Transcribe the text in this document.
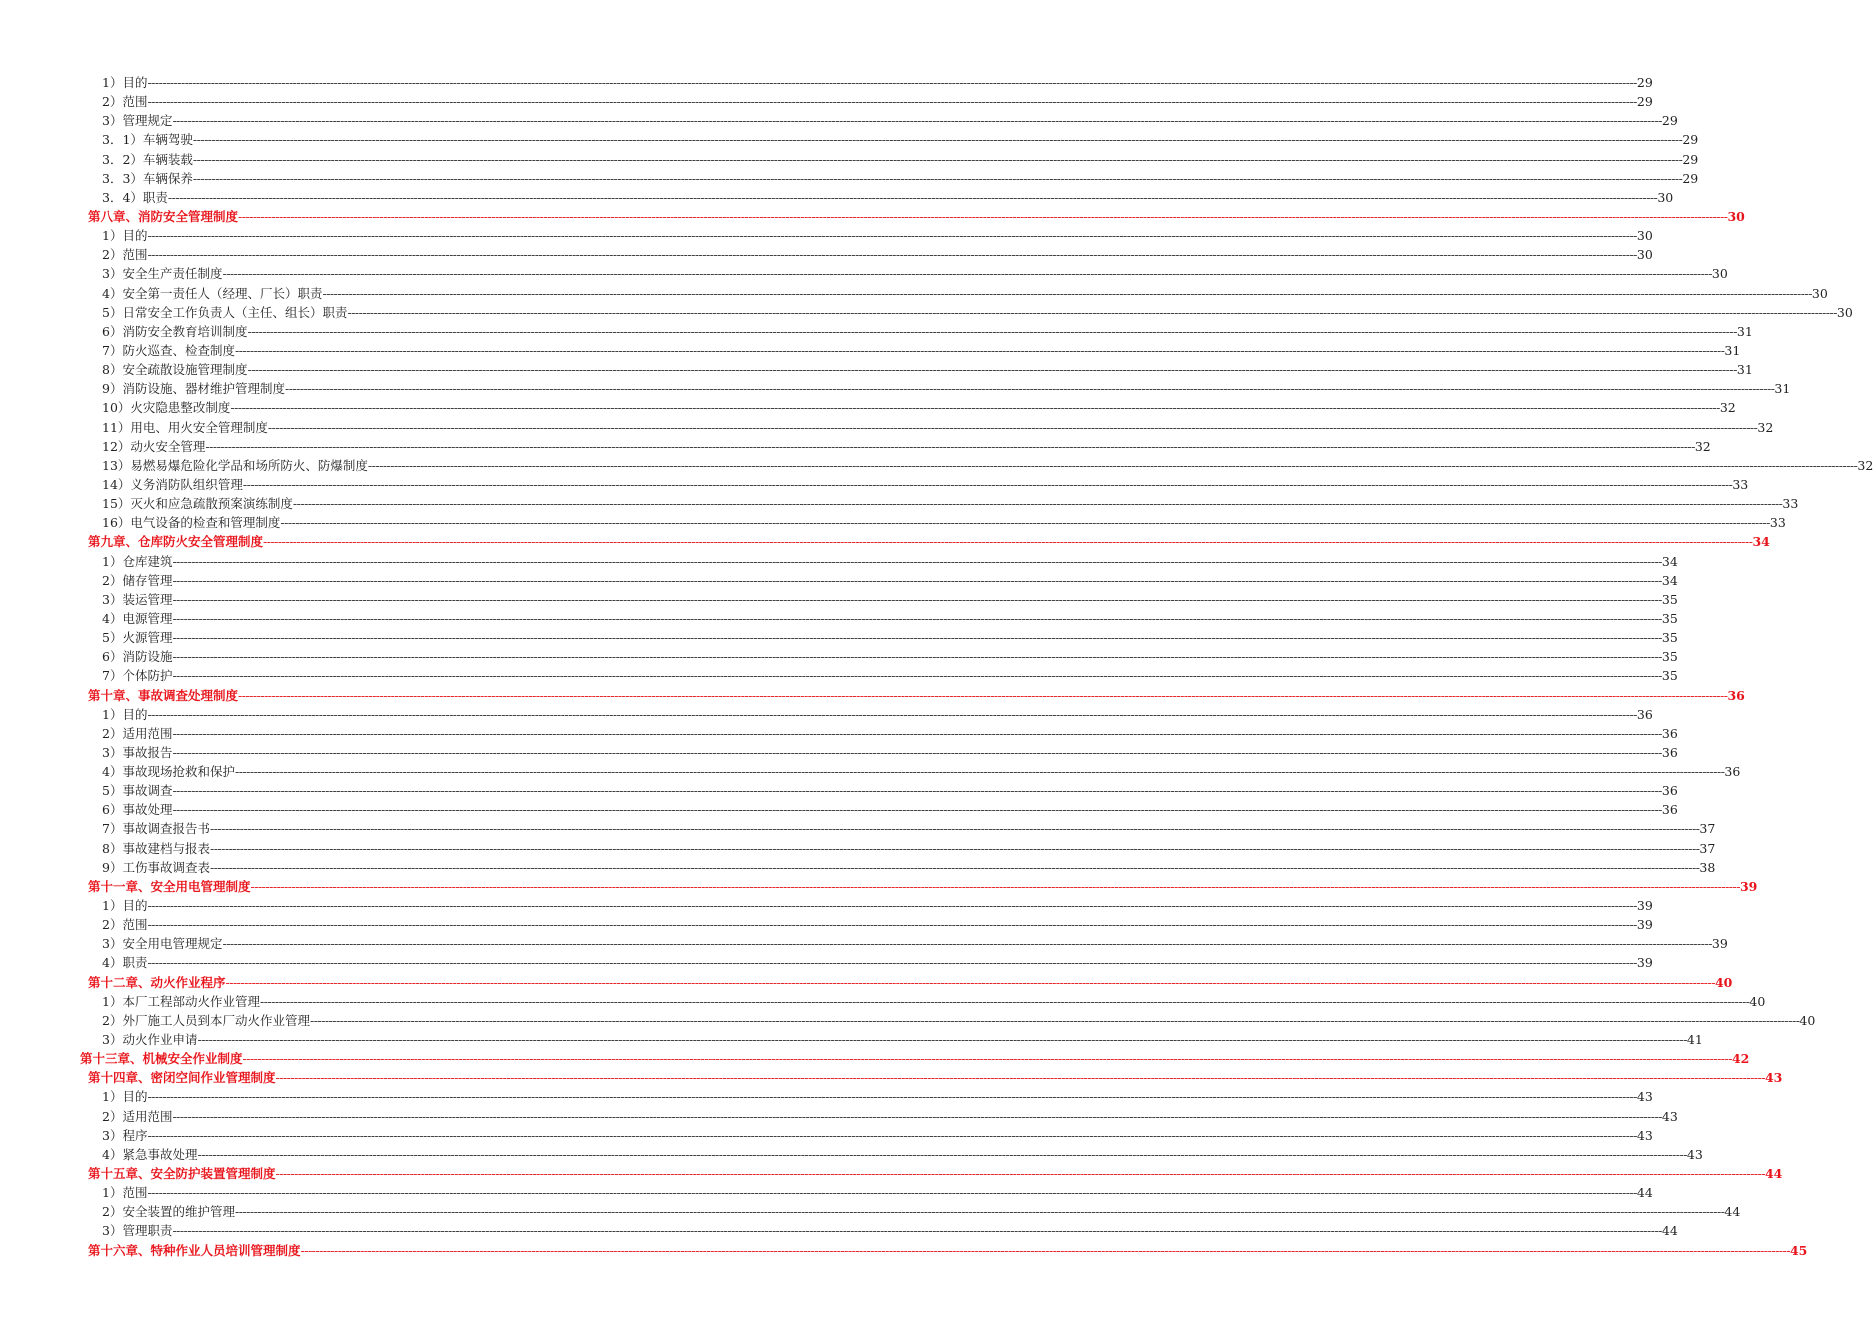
1）目的 ---------------------------------------------------------------------------------------------------------------------------------------------------------------------------------------------------------------------------------------------------------------------------------------------------------------------------------------------------------------------------------------------------------------- 29
2）范围 ---------------------------------------------------------------------------------------------------------------------------------------------------------------------------------------------------------------------------------------------------------------------------------------------------------------------------------------------------------------------------------------------------------------- 29
3）管理规定 ---------------------------------------------------------------------------------------------------------------------------------------------------------------------------------------------------------------------------------------------------------------------------------------------------------------------------------------------------------------------------------------------------------------- 29
3．1）车辆驾驶 ---------------------------------------------------------------------------------------------------------------------------------------------------------------------------------------------------------------------------------------------------------------------------------------------------------------------------------------------------------------------------------------------------------------- 29
3．2）车辆装载 ---------------------------------------------------------------------------------------------------------------------------------------------------------------------------------------------------------------------------------------------------------------------------------------------------------------------------------------------------------------------------------------------------------------- 29
3．3）车辆保养 ---------------------------------------------------------------------------------------------------------------------------------------------------------------------------------------------------------------------------------------------------------------------------------------------------------------------------------------------------------------------------------------------------------------- 29
3．4）职责 ---------------------------------------------------------------------------------------------------------------------------------------------------------------------------------------------------------------------------------------------------------------------------------------------------------------------------------------------------------------------------------------------------------------- 30
第八章、消防安全管理制度 ---------------------------------------------------------------------------------------------------------------------------------------------------------------------------------------------------------------------------------------------------------------------------------------------------------------------------------------------------------------------------------------------------------------- 30
1）目的 ---------------------------------------------------------------------------------------------------------------------------------------------------------------------------------------------------------------------------------------------------------------------------------------------------------------------------------------------------------------------------------------------------------------- 30
2）范围 ---------------------------------------------------------------------------------------------------------------------------------------------------------------------------------------------------------------------------------------------------------------------------------------------------------------------------------------------------------------------------------------------------------------- 30
3）安全生产责任制度 ---------------------------------------------------------------------------------------------------------------------------------------------------------------------------------------------------------------------------------------------------------------------------------------------------------------------------------------------------------------------------------------------------------------- 30
4）安全第一责任人（经理、厂长）职责 ---------------------------------------------------------------------------------------------------------------------------------------------------------------------------------------------------------------------------------------------------------------------------------------------------------------------------------------------------------------------------------------------------------------- 30
5）日常安全工作负责人（主任、组长）职责 ---------------------------------------------------------------------------------------------------------------------------------------------------------------------------------------------------------------------------------------------------------------------------------------------------------------------------------------------------------------------------------------------------------------- 30
6）消防安全教育培训制度 ---------------------------------------------------------------------------------------------------------------------------------------------------------------------------------------------------------------------------------------------------------------------------------------------------------------------------------------------------------------------------------------------------------------- 31
7）防火巡查、检查制度 ---------------------------------------------------------------------------------------------------------------------------------------------------------------------------------------------------------------------------------------------------------------------------------------------------------------------------------------------------------------------------------------------------------------- 31
8）安全疏散设施管理制度 ---------------------------------------------------------------------------------------------------------------------------------------------------------------------------------------------------------------------------------------------------------------------------------------------------------------------------------------------------------------------------------------------------------------- 31
9）消防设施、器材维护管理制度 ---------------------------------------------------------------------------------------------------------------------------------------------------------------------------------------------------------------------------------------------------------------------------------------------------------------------------------------------------------------------------------------------------------------- 31
10）火灾隐患整改制度 ---------------------------------------------------------------------------------------------------------------------------------------------------------------------------------------------------------------------------------------------------------------------------------------------------------------------------------------------------------------------------------------------------------------- 32
11）用电、用火安全管理制度 ---------------------------------------------------------------------------------------------------------------------------------------------------------------------------------------------------------------------------------------------------------------------------------------------------------------------------------------------------------------------------------------------------------------- 32
12）动火安全管理 ---------------------------------------------------------------------------------------------------------------------------------------------------------------------------------------------------------------------------------------------------------------------------------------------------------------------------------------------------------------------------------------------------------------- 32
13）易燃易爆危险化学品和场所防火、防爆制度 ---------------------------------------------------------------------------------------------------------------------------------------------------------------------------------------------------------------------------------------------------------------------------------------------------------------------------------------------------------------------------------------------------------------- 32
14）义务消防队组织管理 ---------------------------------------------------------------------------------------------------------------------------------------------------------------------------------------------------------------------------------------------------------------------------------------------------------------------------------------------------------------------------------------------------------------- 33
15）灭火和应急疏散预案演练制度 ---------------------------------------------------------------------------------------------------------------------------------------------------------------------------------------------------------------------------------------------------------------------------------------------------------------------------------------------------------------------------------------------------------------- 33
16）电气设备的检查和管理制度 ---------------------------------------------------------------------------------------------------------------------------------------------------------------------------------------------------------------------------------------------------------------------------------------------------------------------------------------------------------------------------------------------------------------- 33
第九章、仓库防火安全管理制度 ---------------------------------------------------------------------------------------------------------------------------------------------------------------------------------------------------------------------------------------------------------------------------------------------------------------------------------------------------------------------------------------------------------------- 34
1）仓库建筑 ---------------------------------------------------------------------------------------------------------------------------------------------------------------------------------------------------------------------------------------------------------------------------------------------------------------------------------------------------------------------------------------------------------------- 34
2）储存管理 ---------------------------------------------------------------------------------------------------------------------------------------------------------------------------------------------------------------------------------------------------------------------------------------------------------------------------------------------------------------------------------------------------------------- 34
3）装运管理 ---------------------------------------------------------------------------------------------------------------------------------------------------------------------------------------------------------------------------------------------------------------------------------------------------------------------------------------------------------------------------------------------------------------- 35
4）电源管理 ---------------------------------------------------------------------------------------------------------------------------------------------------------------------------------------------------------------------------------------------------------------------------------------------------------------------------------------------------------------------------------------------------------------- 35
5）火源管理 ---------------------------------------------------------------------------------------------------------------------------------------------------------------------------------------------------------------------------------------------------------------------------------------------------------------------------------------------------------------------------------------------------------------- 35
6）消防设施 ---------------------------------------------------------------------------------------------------------------------------------------------------------------------------------------------------------------------------------------------------------------------------------------------------------------------------------------------------------------------------------------------------------------- 35
7）个体防护 ---------------------------------------------------------------------------------------------------------------------------------------------------------------------------------------------------------------------------------------------------------------------------------------------------------------------------------------------------------------------------------------------------------------- 35
第十章、事故调查处理制度 ---------------------------------------------------------------------------------------------------------------------------------------------------------------------------------------------------------------------------------------------------------------------------------------------------------------------------------------------------------------------------------------------------------------- 36
1）目的 ---------------------------------------------------------------------------------------------------------------------------------------------------------------------------------------------------------------------------------------------------------------------------------------------------------------------------------------------------------------------------------------------------------------- 36
2）适用范围 ---------------------------------------------------------------------------------------------------------------------------------------------------------------------------------------------------------------------------------------------------------------------------------------------------------------------------------------------------------------------------------------------------------------- 36
3）事故报告 ---------------------------------------------------------------------------------------------------------------------------------------------------------------------------------------------------------------------------------------------------------------------------------------------------------------------------------------------------------------------------------------------------------------- 36
4）事故现场抢救和保护 ---------------------------------------------------------------------------------------------------------------------------------------------------------------------------------------------------------------------------------------------------------------------------------------------------------------------------------------------------------------------------------------------------------------- 36
5）事故调查 ---------------------------------------------------------------------------------------------------------------------------------------------------------------------------------------------------------------------------------------------------------------------------------------------------------------------------------------------------------------------------------------------------------------- 36
6）事故处理 ---------------------------------------------------------------------------------------------------------------------------------------------------------------------------------------------------------------------------------------------------------------------------------------------------------------------------------------------------------------------------------------------------------------- 36
7）事故调查报告书 ---------------------------------------------------------------------------------------------------------------------------------------------------------------------------------------------------------------------------------------------------------------------------------------------------------------------------------------------------------------------------------------------------------------- 37
8）事故建档与报表 ---------------------------------------------------------------------------------------------------------------------------------------------------------------------------------------------------------------------------------------------------------------------------------------------------------------------------------------------------------------------------------------------------------------- 37
9）工伤事故调查表 ---------------------------------------------------------------------------------------------------------------------------------------------------------------------------------------------------------------------------------------------------------------------------------------------------------------------------------------------------------------------------------------------------------------- 38
第十一章、安全用电管理制度 ---------------------------------------------------------------------------------------------------------------------------------------------------------------------------------------------------------------------------------------------------------------------------------------------------------------------------------------------------------------------------------------------------------------- 39
1）目的 ---------------------------------------------------------------------------------------------------------------------------------------------------------------------------------------------------------------------------------------------------------------------------------------------------------------------------------------------------------------------------------------------------------------- 39
2）范围 ---------------------------------------------------------------------------------------------------------------------------------------------------------------------------------------------------------------------------------------------------------------------------------------------------------------------------------------------------------------------------------------------------------------- 39
3）安全用电管理规定 ---------------------------------------------------------------------------------------------------------------------------------------------------------------------------------------------------------------------------------------------------------------------------------------------------------------------------------------------------------------------------------------------------------------- 39
4）职责 ---------------------------------------------------------------------------------------------------------------------------------------------------------------------------------------------------------------------------------------------------------------------------------------------------------------------------------------------------------------------------------------------------------------- 39
第十二章、动火作业程序 ---------------------------------------------------------------------------------------------------------------------------------------------------------------------------------------------------------------------------------------------------------------------------------------------------------------------------------------------------------------------------------------------------------------- 40
1）本厂工程部动火作业管理 ---------------------------------------------------------------------------------------------------------------------------------------------------------------------------------------------------------------------------------------------------------------------------------------------------------------------------------------------------------------------------------------------------------------- 40
2）外厂施工人员到本厂动火作业管理 ---------------------------------------------------------------------------------------------------------------------------------------------------------------------------------------------------------------------------------------------------------------------------------------------------------------------------------------------------------------------------------------------------------------- 40
3）动火作业申请 ---------------------------------------------------------------------------------------------------------------------------------------------------------------------------------------------------------------------------------------------------------------------------------------------------------------------------------------------------------------------------------------------------------------- 41
第十三章、机械安全作业制度 ---------------------------------------------------------------------------------------------------------------------------------------------------------------------------------------------------------------------------------------------------------------------------------------------------------------------------------------------------------------------------------------------------------------- 42
第十四章、密闭空间作业管理制度 ---------------------------------------------------------------------------------------------------------------------------------------------------------------------------------------------------------------------------------------------------------------------------------------------------------------------------------------------------------------------------------------------------------------- 43
1）目的 ---------------------------------------------------------------------------------------------------------------------------------------------------------------------------------------------------------------------------------------------------------------------------------------------------------------------------------------------------------------------------------------------------------------- 43
2）适用范围 ---------------------------------------------------------------------------------------------------------------------------------------------------------------------------------------------------------------------------------------------------------------------------------------------------------------------------------------------------------------------------------------------------------------- 43
3）程序 ---------------------------------------------------------------------------------------------------------------------------------------------------------------------------------------------------------------------------------------------------------------------------------------------------------------------------------------------------------------------------------------------------------------- 43
4）紧急事故处理 ---------------------------------------------------------------------------------------------------------------------------------------------------------------------------------------------------------------------------------------------------------------------------------------------------------------------------------------------------------------------------------------------------------------- 43
第十五章、安全防护装置管理制度 ---------------------------------------------------------------------------------------------------------------------------------------------------------------------------------------------------------------------------------------------------------------------------------------------------------------------------------------------------------------------------------------------------------------- 44
1）范围 ---------------------------------------------------------------------------------------------------------------------------------------------------------------------------------------------------------------------------------------------------------------------------------------------------------------------------------------------------------------------------------------------------------------- 44
2）安全装置的维护管理 ---------------------------------------------------------------------------------------------------------------------------------------------------------------------------------------------------------------------------------------------------------------------------------------------------------------------------------------------------------------------------------------------------------------- 44
3）管理职责 ---------------------------------------------------------------------------------------------------------------------------------------------------------------------------------------------------------------------------------------------------------------------------------------------------------------------------------------------------------------------------------------------------------------- 44
第十六章、特种作业人员培训管理制度 ---------------------------------------------------------------------------------------------------------------------------------------------------------------------------------------------------------------------------------------------------------------------------------------------------------------------------------------------------------------------------------------------------------------- 45
